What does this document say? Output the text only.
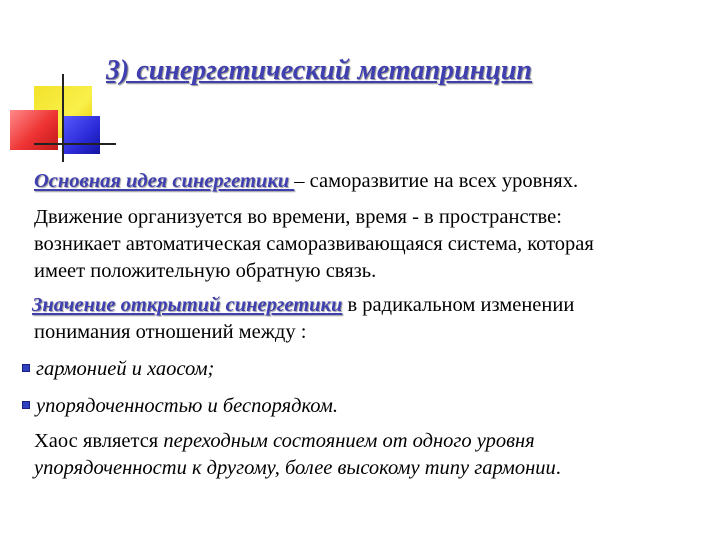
3) синергетический метапринцип
Основная идея синергетики – саморазвитие на всех уровнях.
Движение организуется во времени, время - в пространстве:
возникает автоматическая саморазвивающаяся система, которая
имеет положительную обратную связь.
Значение открытий синергетики в радикальном изменении
понимания отношений между :
гармонией и хаосом;
упорядоченностью и беспорядком.
Хаос является переходным состоянием от одного уровня
упорядоченности к другому, более высокому типу гармонии.
